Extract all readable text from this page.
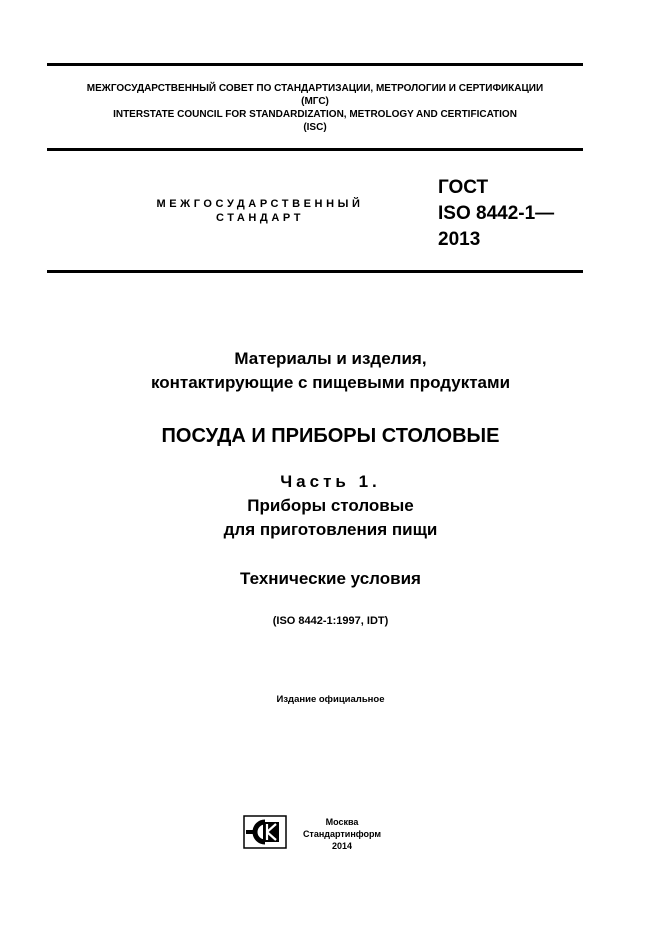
МЕЖГОСУДАРСТВЕННЫЙ СОВЕТ ПО СТАНДАРТИЗАЦИИ, МЕТРОЛОГИИ И СЕРТИФИКАЦИИ
(МГС)
INTERSTATE COUNCIL FOR STANDARDIZATION, METROLOGY AND CERTIFICATION
(ISC)
МЕЖГОСУДАРСТВЕННЫЙ
СТАНДАРТ
ГОСТ
ISO 8442-1—
2013
Материалы и изделия,
контактирующие с пищевыми продуктами
ПОСУДА И ПРИБОРЫ СТОЛОВЫЕ
Часть 1.
Приборы столовые
для приготовления пищи
Технические условия
(ISO 8442-1:1997, IDT)
Издание официальное
Москва
Стандартинформ
2014
